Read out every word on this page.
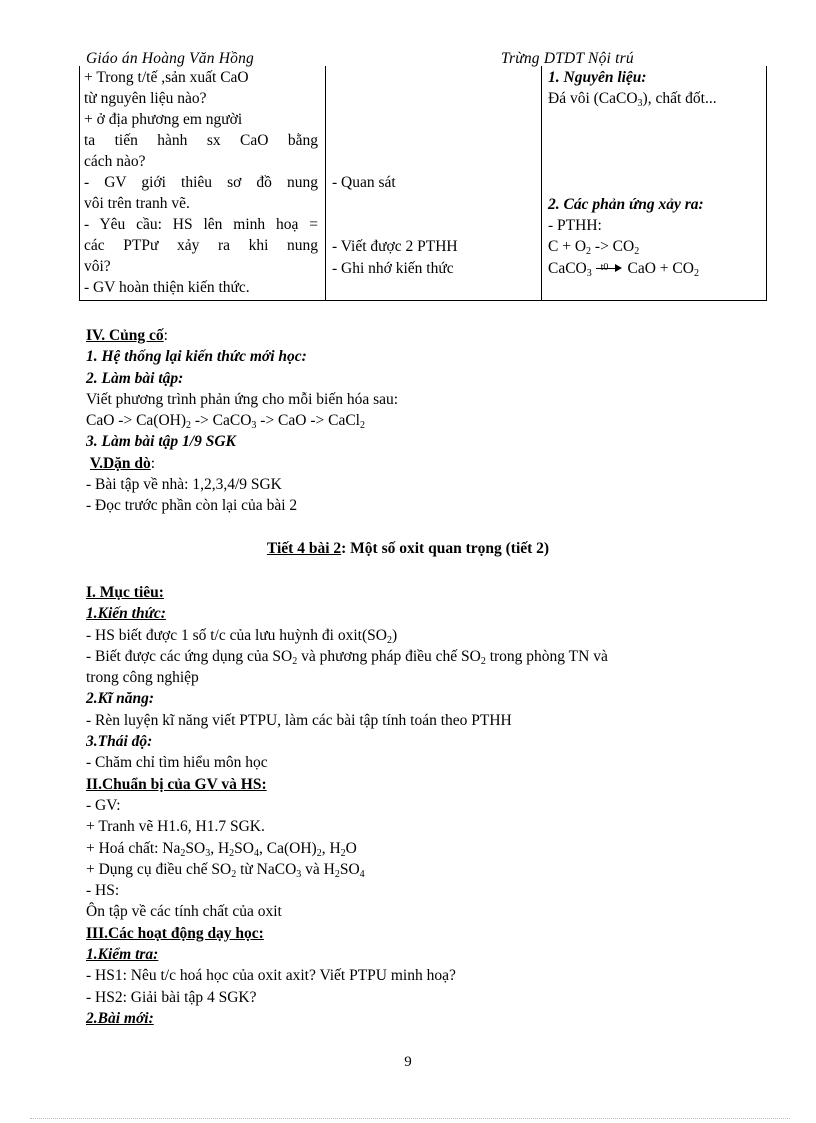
Giáo án Hoàng Văn Hồng	Trừng DTDT Nội trú
+ Trong t/tế ,sản xuất CaO
từ nguyên liệu nào?
+ ở địa phương em người
ta tiến hành sx CaO bằng
cách nào?
- GV giới thiêu sơ đồ nung
vôi trên tranh vẽ.
- Yêu cầu: HS lên minh hoạ =
các PTPư xảy ra khi nung
vôi?
- GV hoàn thiện kiến thức.
- Quan sát
- Viết được 2 PTHH
- Ghi nhớ kiến thức
1. Nguyên liệu:
Đá vôi (CaCO$_3$), chất đốt...
2. Các phản ứng xảy ra:
- PTHH:
$C + O_2 -> CO_2$
CaCO$_3$
t0 CaO + $CO_2$

IV. Củng cố:

1. Hệ thống lại kiến thức mới học:

2. Làm bài tập:

Viết phương trình phản ứng cho mỗi biến hóa sau:

CaO -> $Ca(OH)_2$ -> CaCO$_3$ -> CaO -> CaCl$_2$

3. Làm bài tập 1/9 SGK

V.Dặn dò:

- Bài tập về nhà: 1,2,3,4/9 SGK

- Đọc trước phần còn lại của bài 2

Tiết 4 bài 2: Một số oxit quan trọng (tiết 2)

I. Mục tiêu:

1.Kiến thức:

- HS biết được 1 số t/c của lưu huỳnh đi $oxit(SO_2)$

- Biết được các ứng dụng của $SO_2$ và phương pháp điều chế $SO_2$ trong phòng TN và

trong công nghiệp

2.Kĩ năng:

- Rèn luyện kĩ năng viết PTPU, làm các bài tập tính toán theo PTHH

3.Thái độ:

- Chăm chỉ tìm hiểu môn học

II.Chuẩn bị của GV và HS:

- GV:

+ Tranh vẽ H1.6, H1.7 SGK.

+ Hoá chất: $Na_2SO_3$, $H_2SO_4$, $Ca(OH)_2$, $H_2O$

+ Dụng cụ điều chế $SO_2$ từ NaCO$_3$ và $H_2SO_4$

- HS:

Ôn tập về các tính chất của oxit

III.Các hoạt động dạy học:

1.Kiểm tra:

- HS1: Nêu t/c hoá học của oxit axit? Viết PTPU minh hoạ?

- HS2: Giải bài tập 4 SGK?

2.Bài mới:

9
